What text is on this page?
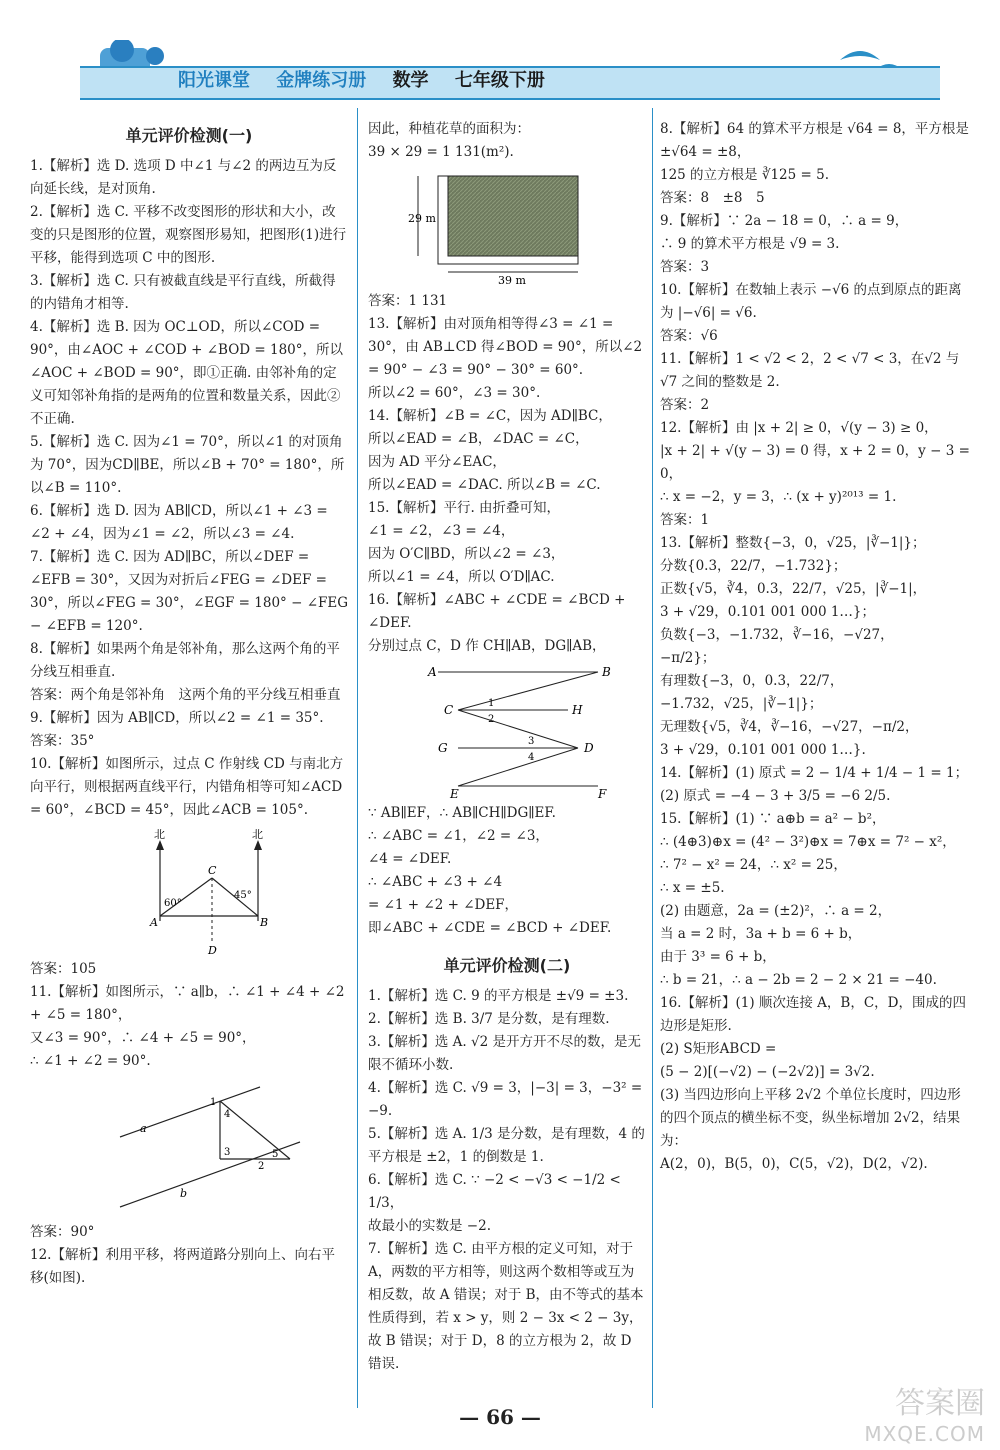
阳光课堂 金牌练习册 数学 七年级下册
单元评价检测(一)
1.【解析】选 D. 选项 D 中∠1 与∠2 的两边互为反向延长线，是对顶角.
2.【解析】选 C. 平移不改变图形的形状和大小，改变的只是图形的位置，观察图形易知，把图形(1)进行平移，能得到选项 C 中的图形.
3.【解析】选 C. 只有被截直线是平行直线，所截得的内错角才相等.
4.【解析】选 B. 因为 OC⊥OD，所以∠COD = 90°，由∠AOC + ∠COD + ∠BOD = 180°，所以∠AOC + ∠BOD = 90°，即①正确. 由邻补角的定义可知邻补角指的是两角的位置和数量关系，因此②不正确.
5.【解析】选 C. 因为∠1 = 70°，所以∠1 的对顶角为 70°，因为CD∥BE，所以∠B + 70° = 180°，所以∠B = 110°.
6.【解析】选 D. 因为 AB∥CD，所以∠1 + ∠3 = ∠2 + ∠4，因为∠1 = ∠2，所以∠3 = ∠4.
7.【解析】选 C. 因为 AD∥BC，所以∠DEF = ∠EFB = 30°，又因为对折后∠FEG = ∠DEF = 30°，所以∠FEG = 30°，∠EGF = 180° − ∠FEG − ∠EFB = 120°.
8.【解析】如果两个角是邻补角，那么这两个角的平分线互相垂直.
答案：两个角是邻补角　这两个角的平分线互相垂直
9.【解析】因为 AB∥CD，所以∠2 = ∠1 = 35°.
答案：35°
10.【解析】如图所示，过点 C 作射线 CD 与南北方向平行，则根据两直线平行，内错角相等可知∠ACD = 60°，∠BCD = 45°，因此∠ACB = 105°.
北	北
60°
45°
A	B
C
D
答案：105
11.【解析】如图所示，∵ a∥b，∴ ∠1 + ∠4 + ∠2 + ∠5 = 180°，
又∠3 = 90°，∴ ∠4 + ∠5 = 90°，
∴ ∠1 + ∠2 = 90°.
a
b
1
2
3
4
5
答案：90°
12.【解析】利用平移，将两道路分别向上、向右平移(如图).
因此，种植花草的面积为：
39 × 29 = 1 131(m²).
29 m
39 m
答案：1 131
13.【解析】由对顶角相等得∠3 = ∠1 = 30°，由 AB⊥CD 得∠BOD = 90°，所以∠2 = 90° − ∠3 = 90° − 30° = 60°.
所以∠2 = 60°，∠3 = 30°.
14.【解析】∠B = ∠C，因为 AD∥BC，
所以∠EAD = ∠B，∠DAC = ∠C，
因为 AD 平分∠EAC，
所以∠EAD = ∠DAC. 所以∠B = ∠C.
15.【解析】平行. 由折叠可知，
∠1 = ∠2，∠3 = ∠4，
因为 O′C∥BD，所以∠2 = ∠3，
所以∠1 = ∠4，所以 O′D∥AC.
16.【解析】∠ABC + ∠CDE = ∠BCD + ∠DEF.
分别过点 C，D 作 CH∥AB，DG∥AB，
A	B
C	H
G	D
E	F
1
2
3
4
∵ AB∥EF，∴ AB∥CH∥DG∥EF.
∴ ∠ABC = ∠1，∠2 = ∠3，
∠4 = ∠DEF.
∴ ∠ABC + ∠3 + ∠4
= ∠1 + ∠2 + ∠DEF，
即∠ABC + ∠CDE = ∠BCD + ∠DEF.
单元评价检测(二)
1.【解析】选 C. 9 的平方根是 ±√9 = ±3.
2.【解析】选 B. 3/7 是分数，是有理数.
3.【解析】选 A. √2 是开方开不尽的数，是无限不循环小数.
4.【解析】选 C. √9 = 3，|−3| = 3，−3² = −9.
5.【解析】选 A. 1/3 是分数，是有理数，4 的平方根是 ±2，1 的倒数是 1.
6.【解析】选 C. ∵ −2 < −√3 < −1/2 < 1/3，
故最小的实数是 −2.
7.【解析】选 C. 由平方根的定义可知，对于 A，两数的平方相等，则这两个数相等或互为相反数，故 A 错误；对于 B，由不等式的基本性质得到，若 x > y，则 2 − 3x < 2 − 3y，故 B 错误；对于 D，8 的立方根为 2，故 D 错误.
8.【解析】64 的算术平方根是 √64 = 8，平方根是 ±√64 = ±8，
125 的立方根是 ∛125 = 5.
答案：8　±8　5
9.【解析】∵ 2a − 18 = 0，∴ a = 9，
∴ 9 的算术平方根是 √9 = 3.
答案：3
10.【解析】在数轴上表示 −√6 的点到原点的距离为 |−√6| = √6.
答案：√6
11.【解析】1 < √2 < 2，2 < √7 < 3，在√2 与√7 之间的整数是 2.
答案：2
12.【解析】由 |x + 2| ≥ 0，√(y − 3) ≥ 0，
|x + 2| + √(y − 3) = 0 得，x + 2 = 0，y − 3 = 0，
∴ x = −2，y = 3，∴ (x + y)²⁰¹³ = 1.
答案：1
13.【解析】整数{−3，0，√25，|∛−1|}；
分数{0.3，22/7，−1.732}；
正数{√5，∛4，0.3，22/7，√25，|∛−1|，
3 + √29，0.101 001 000 1…}；
负数{−3，−1.732，∛−16，−√27，
−π/2}；
有理数{−3，0，0.3，22/7，
−1.732，√25，|∛−1|}；
无理数{√5，∛4，∛−16，−√27，−π/2，
3 + √29，0.101 001 000 1…}.
14.【解析】(1) 原式 = 2 − 1/4 + 1/4 − 1 = 1；
(2) 原式 = −4 − 3 + 3/5 = −6 2/5.
15.【解析】(1) ∵ a⊕b = a² − b²，
∴ (4⊕3)⊕x = (4² − 3²)⊕x = 7⊕x = 7² − x²，
∴ 7² − x² = 24，∴ x² = 25，
∴ x = ±5.
(2) 由题意，2a = (±2)²，∴ a = 2，
当 a = 2 时，3a + b = 6 + b，
由于 3³ = 6 + b，
∴ b = 21，∴ a − 2b = 2 − 2 × 21 = −40.
16.【解析】(1) 顺次连接 A，B，C，D，围成的四边形是矩形.
(2) S矩形ABCD =
(5 − 2)[(−√2) − (−2√2)] = 3√2.
(3) 当四边形向上平移 2√2 个单位长度时，四边形的四个顶点的横坐标不变，纵坐标增加 2√2，结果为：
A(2，0)，B(5，0)，C(5，√2)，D(2，√2).
— 66 —	答案圈
MXQE.COM
